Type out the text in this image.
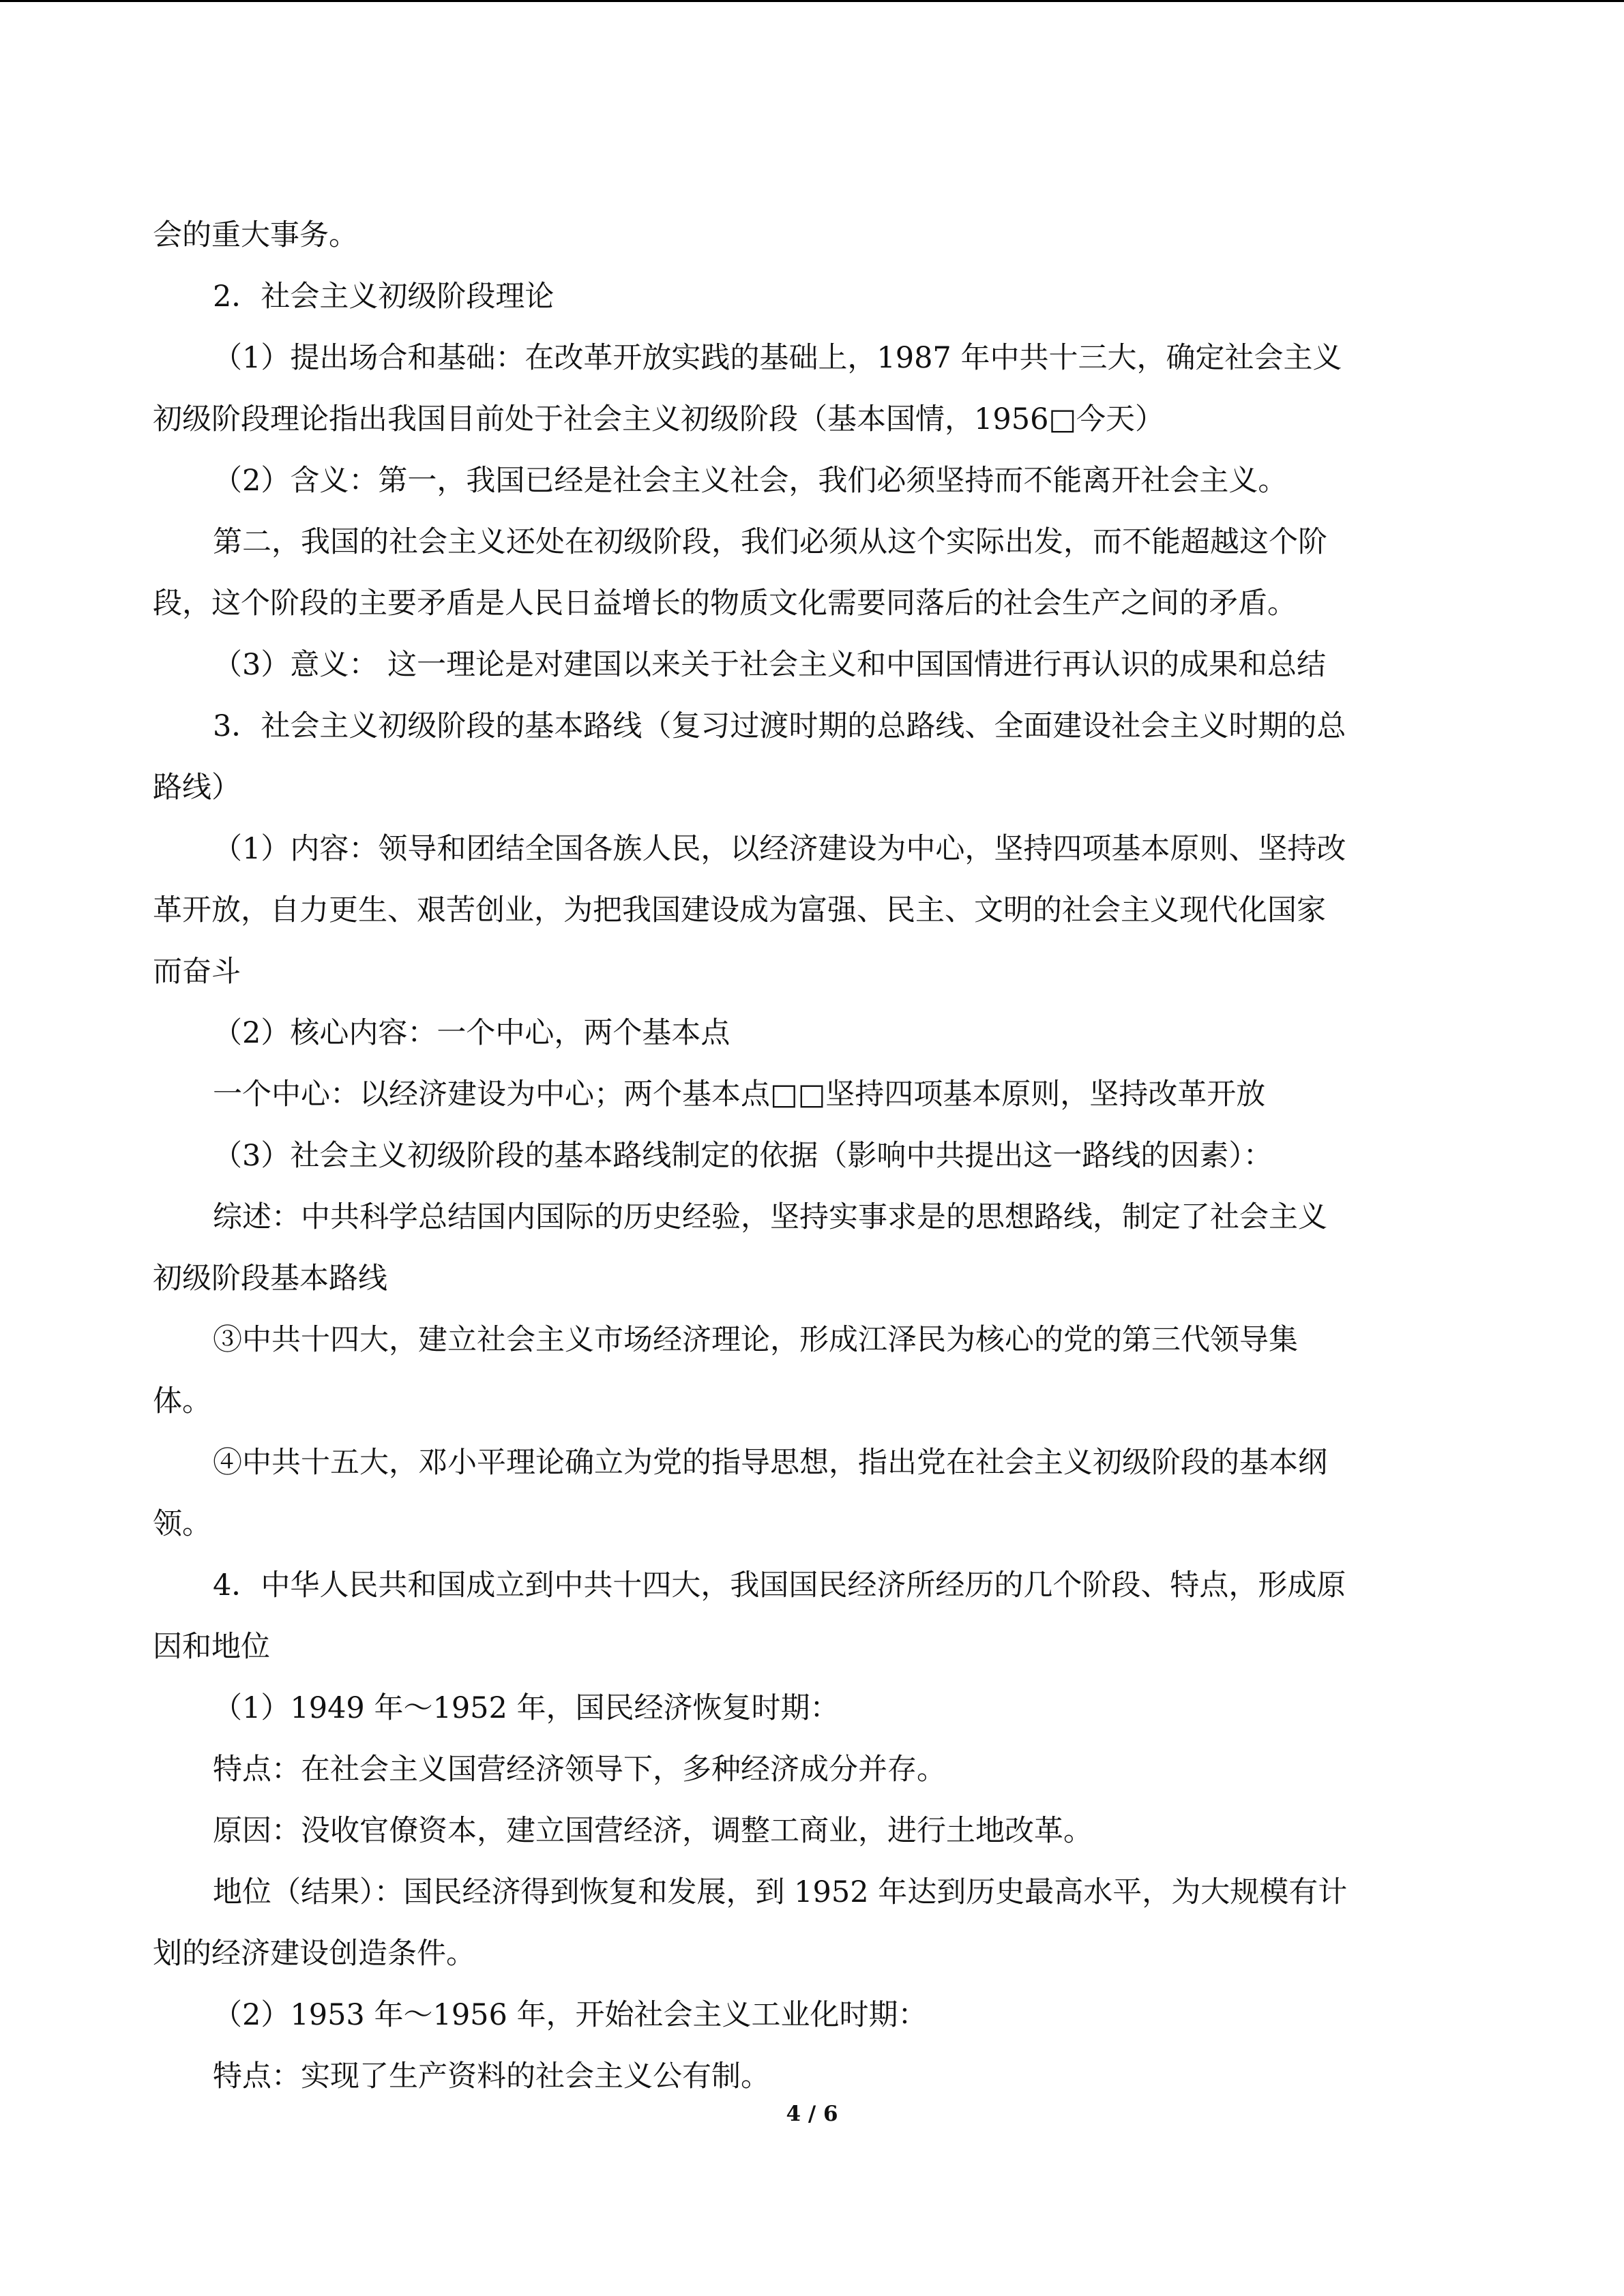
会的重大事务。

2．社会主义初级阶段理论

（1）提出场合和基础：在改革开放实践的基础上，1987 年中共十三大，确定社会主义

初级阶段理论指出我国目前处于社会主义初级阶段（基本国情，1956□今天）

（2）含义：第一，我国已经是社会主义社会，我们必须坚持而不能离开社会主义。

第二，我国的社会主义还处在初级阶段，我们必须从这个实际出发，而不能超越这个阶

段，这个阶段的主要矛盾是人民日益增长的物质文化需要同落后的社会生产之间的矛盾。

（3）意义： 这一理论是对建国以来关于社会主义和中国国情进行再认识的成果和总结

3．社会主义初级阶段的基本路线（复习过渡时期的总路线、全面建设社会主义时期的总

路线）

（1）内容：领导和团结全国各族人民，以经济建设为中心，坚持四项基本原则、坚持改

革开放，自力更生、艰苦创业，为把我国建设成为富强、民主、文明的社会主义现代化国家

而奋斗

（2）核心内容：一个中心，两个基本点

一个中心：以经济建设为中心；两个基本点□□坚持四项基本原则，坚持改革开放

（3）社会主义初级阶段的基本路线制定的依据（影响中共提出这一路线的因素）：

综述：中共科学总结国内国际的历史经验，坚持实事求是的思想路线，制定了社会主义

初级阶段基本路线

③中共十四大，建立社会主义市场经济理论，形成江泽民为核心的党的第三代领导集

体。

④中共十五大，邓小平理论确立为党的指导思想，指出党在社会主义初级阶段的基本纲

领。

4．中华人民共和国成立到中共十四大，我国国民经济所经历的几个阶段、特点，形成原

因和地位

（1）1949 年～1952 年，国民经济恢复时期：

特点：在社会主义国营经济领导下，多种经济成分并存。

原因：没收官僚资本，建立国营经济，调整工商业，进行土地改革。

地位（结果）：国民经济得到恢复和发展，到 1952 年达到历史最高水平，为大规模有计

划的经济建设创造条件。

（2）1953 年～1956 年，开始社会主义工业化时期：

特点：实现了生产资料的社会主义公有制。

4 / 6
